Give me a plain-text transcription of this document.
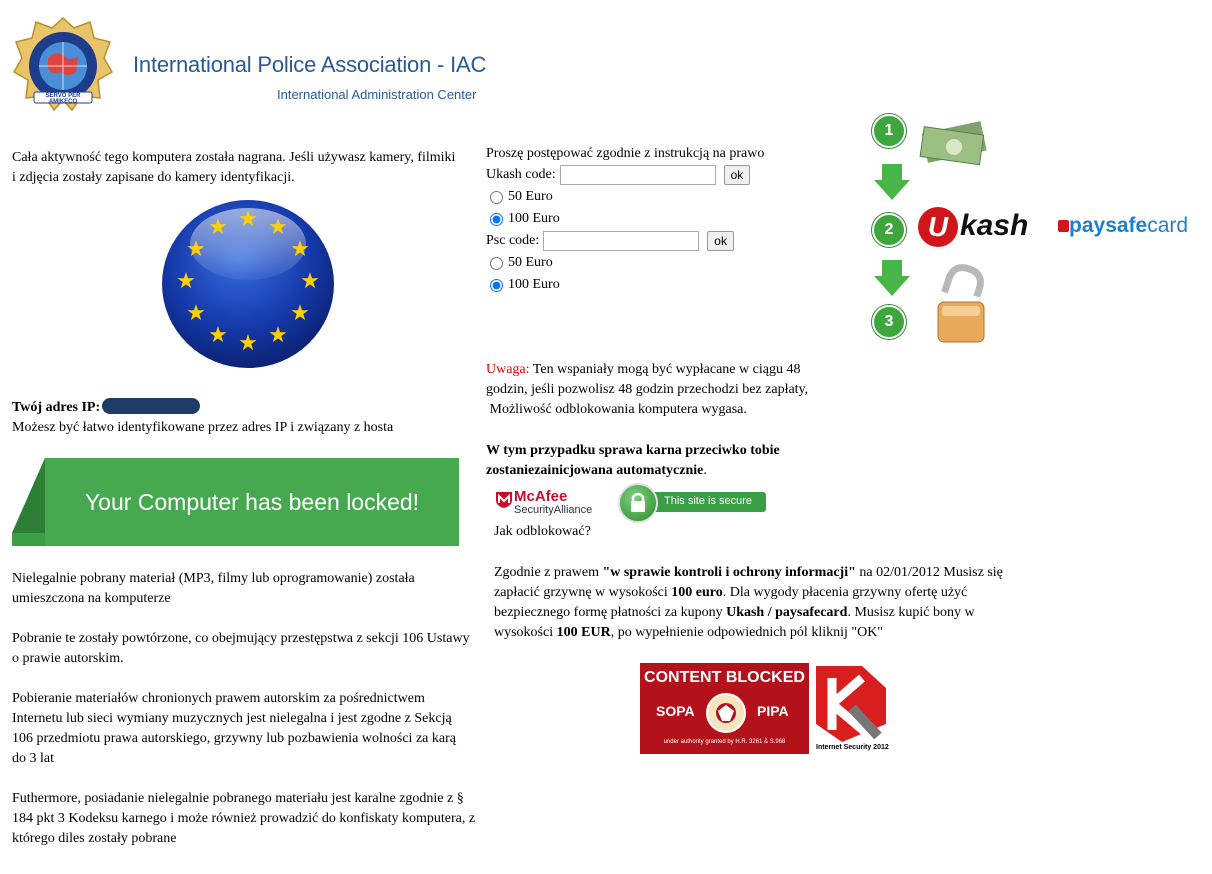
SERVO PER AMIKECO
International Police Association - IAC
International Administration Center

Cała aktywność tego komputera została nagrana. Jeśli używasz kamery, filmiki i zdjęcia zostały zapisane do kamery identyfikacji.

★ ★
★
★
★
★
★
★
★
★
★
★

Twój adres IP:

Możesz być łatwo identyfikowane przez adres IP i związany z hosta

Your Computer has been locked!

Nielegalnie pobrany materiał (MP3, filmy lub oprogramowanie) została umieszczona na komputerze

Pobranie te zostały powtórzone, co obejmujący przestępstwa z sekcji 106 Ustawy o prawie autorskim.

Pobieranie materiałów chronionych prawem autorskim za pośrednictwem Internetu lub sieci wymiany muzycznych jest nielegalna i jest zgodne z Sekcją 106 przedmiotu prawa autorskiego, grzywny lub pozbawienia wolności za karą do 3 lat

Futhermore, posiadanie nielegalnie pobranego materiału jest karalne zgodnie z § 184 pkt 3 Kodeksu karnego i może również prowadzić do konfiskaty komputera, z którego diles zostały pobrane

Proszę postępować zgodnie z instrukcją na prawo

Ukash code:	ok
50 Euro
100 Euro
Psc code:	ok
50 Euro
100 Euro

Uwaga: Ten wspaniały mogą być wypłacane w ciągu 48 godzin, jeśli pozwolisz 48 godzin przechodzi bez zapłaty,
Możliwość odblokowania komputera wygasa.

W tym przypadku sprawa karna przeciwko tobie zostaniezainicjowana automatycznie.

McAfee
SecurityAlliance
This site is secure

Jak odblokować?

Zgodnie z prawem "w sprawie kontroli i ochrony informacji" na 02/01/2012 Musisz się zapłacić grzywnę w wysokości 100 euro. Dla wygody płacenia grzywny ofertę użyć bezpiecznego formę płatności za kupony Ukash / paysafecard. Musisz kupić bony w wysokości 100 EUR, po wypełnienie odpowiednich pól kliknij "OK"

CONTENT BLOCKED
SOPA	PIPA
under authority granted by H.R. 3261 & S.968
Internet Security 2012
1
2	U kash	paysafecard
3
